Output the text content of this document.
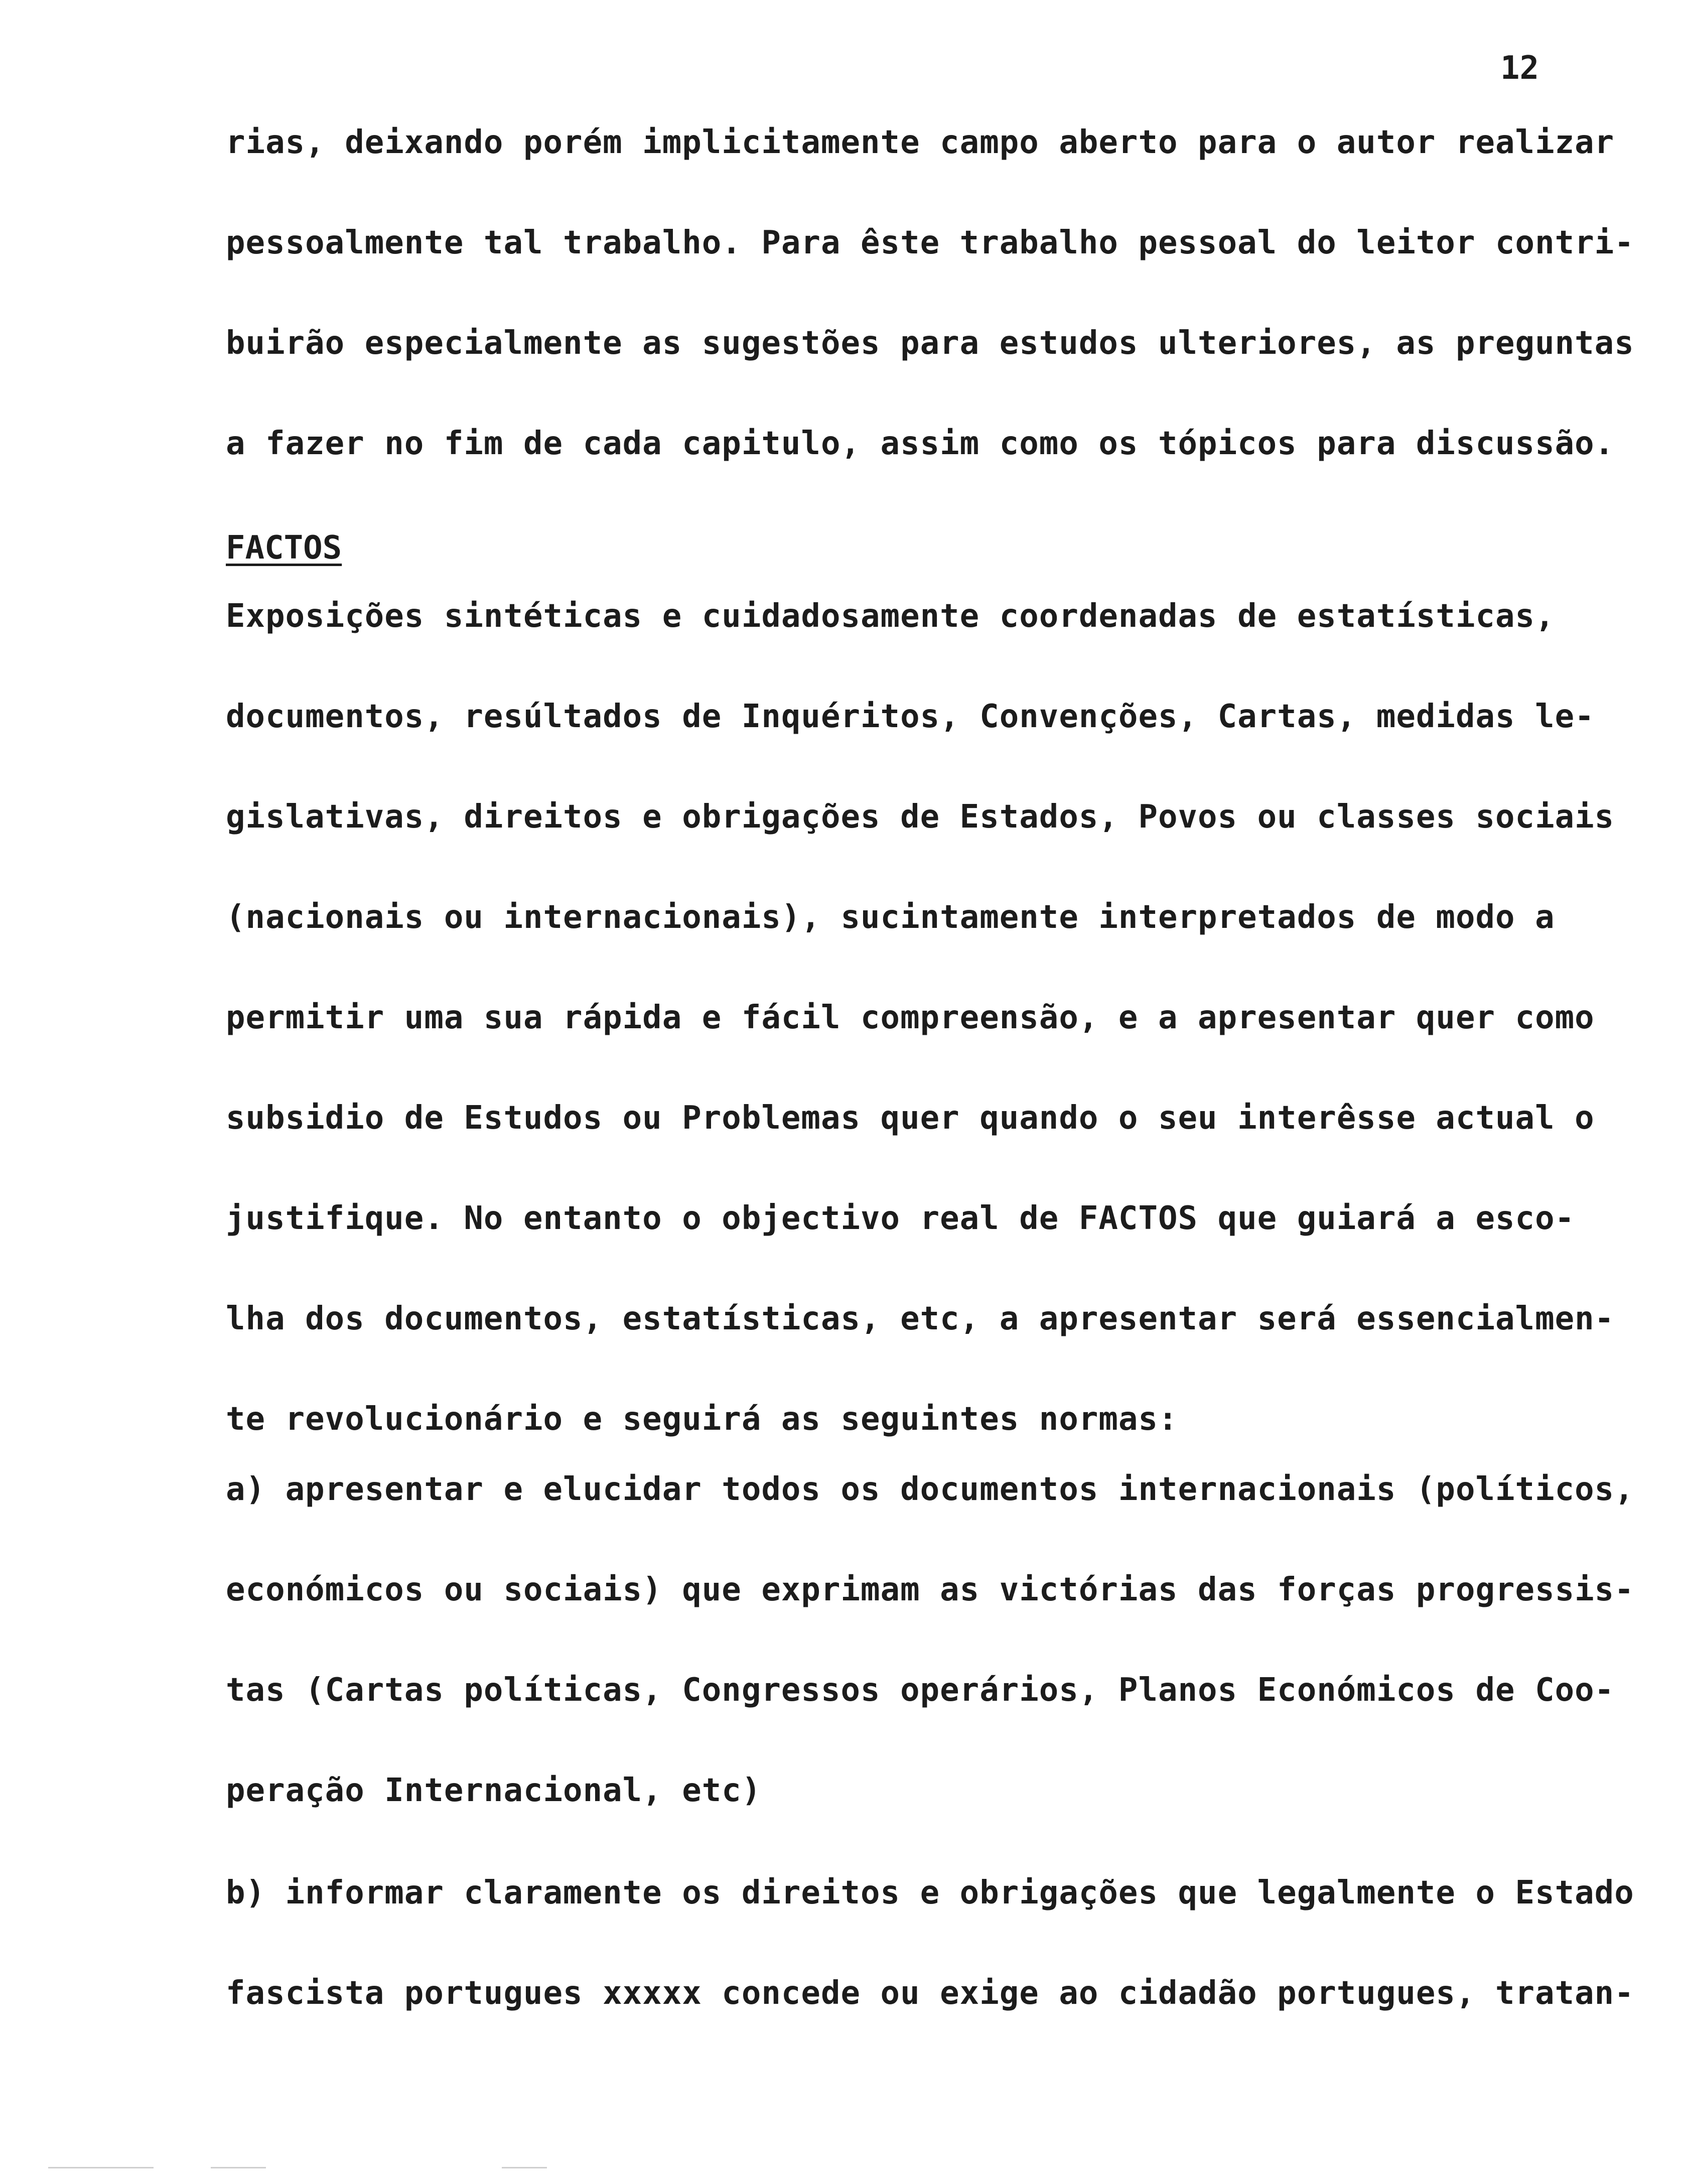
12
rias, deixando porém implicitamente campo aberto para o autor realizar
pessoalmente tal trabalho. Para êste trabalho pessoal do leitor contri-
buirão especialmente as sugestões para estudos ulteriores, as preguntas
a fazer no fim de cada capitulo, assim como os tópicos para discussão.
FACTOS
Exposições sintéticas e cuidadosamente coordenadas de estatísticas,
documentos, resúltados de Inquéritos, Convenções, Cartas, medidas le-
gislativas, direitos e obrigações de Estados, Povos ou classes sociais
(nacionais ou internacionais), sucintamente interpretados de modo a
permitir uma sua rápida e fácil compreensão, e a apresentar quer como
subsidio de Estudos ou Problemas quer quando o seu interêsse actual o
justifique. No entanto o objectivo real de FACTOS que guiará a esco-
lha dos documentos, estatísticas, etc, a apresentar será essencialmen-
te revolucionário e seguirá as seguintes normas:
a) apresentar e elucidar todos os documentos internacionais (políticos,
económicos ou sociais) que exprimam as victórias das forças progressis-
tas (Cartas políticas, Congressos operários, Planos Económicos de Coo-
peração Internacional, etc)
b) informar claramente os direitos e obrigações que legalmente o Estado
fascista portugues xxxxx concede ou exige ao cidadão portugues, tratan-
